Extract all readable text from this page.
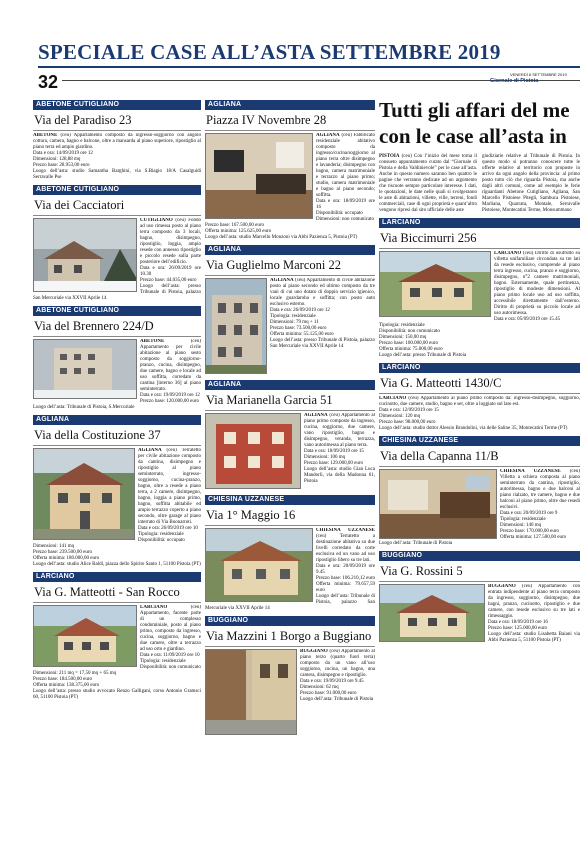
SPECIALE CASE ALL’ASTA SETTEMBRE 2019
32	VENERDÌ 6 SETTEMBRE 2019
Giornale di Pistoia
ABETONE CUTIGLIANO
Via del Paradiso 23
ABETONE (ceu) Appartamento composto da ingresso-soggiorno con angolo cottura, camera, bagno e balcone, oltre a mansarda al piano superiore, ripostiglio al piano terra ed ampio giardino.
Data e ora: 14/09/2019 ore 12
Dimensioni: 128,88 mq
Prezzo base: 28.953,00 euro
Luogo dell’asta: studio Samantha Barghini, via S.Biagio 18/A Casalguidi Serravalle Pse
ABETONE CUTIGLIANO
Via dei Cacciatori
CUTIGLIANO (ceu) Fondo ad uso rimessa posto al piano terra composto da 3 locali, bagno, disimpegno, ripostiglio, loggia, ampio resede con annesso ripostiglio e piccolo resede sulla parte posteriore dell’edificio.
Data e ora: 26/09/2019 ore 10.30
Prezzo base: 44.035,00 euro
Luogo dell’asta: presso Tribunale di Pistoia, palazzo San Mercuriale via XXVII Aprile 14
ABETONE CUTIGLIANO
Via del Brennero 224/D
ABETONE	(ceu) Appartamento per civile abitazione al piano sesto composto da soggiorno-pranzo, cucina, disimpegno, due camere, bagno e locale ad uso soffitta, corredato da cantina [interno 36] al piano seminterrato.
Data e ora: 19/09/2019 ore 12
Prezzo base: 120.000,00 euro
Luogo dell’asta: Tribunale di Pistoia, S.Mercuriale
AGLIANA
Via della Costituzione 37
AGLIANA (ceu) Terratetto per civile abitazione composto da cantina, disimpegno e ripostiglio al piano seminterrato, ingresso-soggiorno, cucina-pranzo, bagno, oltre a resede a piano terra, a 2 camere, disimpegno, bagno, loggia a piano primo, bagno, soffitta abitabile ed ampio terrazzo coperto a piano secondo, oltre garage al piano interrato di Via Buonarroti.
Data e ora: 26/09/2019 ore 10
Tipologia: residenziale
Disponibilità: occupato
Dimensioni: 141 mq
Prezzo base: 239.500,00 euro
Offerta minima: 180.000,00 euro
Luogo dell’asta: studio Alice Baldi, piazza dello Spirito Santo 1, 51100 Pistoia (PT)
LARCIANO
Via G. Matteotti - San Rocco
LARCIANO	(ceu) Appartamento, facente parte di un complesso condominiale, posto al piano primo, composto da ingresso, cucina, soggiorno, bagno e due camere, oltre a terrazzo ad uso orto e giardino.
Data e ora: 11/09/2019 ore 10
Tipologia: residenziale
Disponibilità: non comunicato
Dimensioni: 211 mq = 17,50 mq + 65 mq
Prezzo base: 184.500,00 euro
Offerta minima: 138.375,00 euro
Luogo dell’asta: presso studio avvocato Renzo Galligani, corso Antonio Gramsci 60, 51100 Pistoia (PT)
AGLIANA
Piazza IV Novembre 28
AGLIANA (ceu) Fabbricato residenziale abitativo composto da ingresso/cucina/soggiorno al piano terra oltre disimpegno e lavanderia; disimpegno con bagno, camera matrimoniale e terrazzo al piano primo; studio, camera matrimoniale e bagno al piano secondo; soffitta.
Data e ora: 18/09/2019 ore 16
Disponibilità: occupato
Dimensioni: non comunicato
Prezzo base: 167.500,00 euro
Offerta minima: 125.625,00 euro
Luogo dell’asta: studio Marcello Monzoni via Abbi Pazienza 5, Pistoia (PT)
AGLIANA
Via Guglielmo Marconi 22
AGLIANA (ceu) Appartamento di civile abitazione posto al piano secondo ed ultimo composto da tre vani di cui uno dotato di doppio servizio igienico, locale guardaroba e soffitta; con posto auto esclusivo esterno.
Data e ora: 26/09/2019 ore 12
Tipologia: residenziale
Dimensioni: 79 mq + 11
Prezzo base: 73.500,00 euro
Offerta minima: 55.125,00 euro
Luogo dell’asta: presso Tribunale di Pistoia, palazzo San Mercuriale via XXVII Aprile 14
AGLIANA
Via Marianella Garcia 51
AGLIANA (ceu) Appartamento al piano primo composto da ingresso, cucina, soggiorno, due camere, vano ripostiglio, bagno e disimpegno, veranda, terrazza, vano autorimessa al piano terra.
Data e ora: 18/09/2019 ore 15
Dimensioni: 106 mq
Prezzo base: 129.000,00 euro
Luogo dell’asta: studio Gian Luca Mandorli, via della Madonna 61, Pistoia
CHIESINA UZZANESE
Via 1° Maggio 16
CHIESINA UZZANESE (ceu) Terratetto a destinazione abitativa su due livelli corredato da corte esclusiva ed un vano ad uso ripostiglio libero su tre lati.
Data e ora: 20/09/2019 ore 9.45
Prezzo base: 106.210,12 euro
Offerta minima: 79.657,59 euro
Luogo dell’asta: Tribunale di Pistoia, palazzo San Mercuriale via XXVII Aprile 14
BUGGIANO
Via Mazzini 1 Borgo a Buggiano
BUGGIANO (ceu) Appartamento al piano terzo (quarto fuori terra) composto da un vano all’uso soggiorno, cucina, un bagno, una camera, disimpegno e ripostiglio.
Data e ora: 19/09/2019 ore 9.45
Dimensioni: 62 mq
Prezzo base: 91.000,00 euro
Luogo dell’asta: Tribunale di Pistoia
Tutti gli affari del me
con le case all’asta in
PISTOIA (ceu) Con l’inizio del mese torna il consueto appuntamento curato dal “Giornale di Pistoia e della Valdinievole” per le case all’asta. Anche in questo numero saranno ben quattro le pagine che verranno dedicate ad un argomento che riscuote sempre particolare interesse. I dati, le quotazioni, le date nelle quali si svolgeranno le aste di abitazioni, villette, ville, terreni, fondi commerciali, case di ogni proprietà e quant’altro vengono ripresi dal sito ufficiale delle aste
giudiziarie relative al Tribunale di Pistoia. In questo modo si potranno conoscere tutte le offerte relative al territorio con proposte in arrivo da ogni angolo della provincia: al primo posto tutto ciò che riguarda Pistoia, ma anche dagli altri comuni, come ad esempio le ferie riguardanti Abetone Cutigliano, Agliana, San Marcello Pistoiese Pitegli, Sambuca Pistoiese, Marliana, Quarrata, Montale, Serravalle Pistoiese, Montecatini Terme, Monsummano
LARCIANO
Via Biccimurri 256
LARCIANO (ceu) Diritto di usufrutto su villetta unifamiliare circondata su tre lati da resede esclusivo, comprende al piano terra ingresso, cucina, pranzo e soggiorno, disimpegno, n°2 camere matrimoniali, bagno. Esternamente, quale pertinenza, ripostiglio di modeste dimensioni. Al piano primo locale uso ad uso soffitta, accessibile direttamente dall’esterno. Diritto di proprietà su piccolo locale ad uso autorimessa.
Data e ora: 05/09/2019 ore 15.45
Tipologia: residenziale
Disponibilità: non comunicato
Dimensioni: 150,00 mq
Prezzo base: 100.000,00 euro
Offerta minima: 75.000,00 euro
Luogo dell’asta: presso Tribunale di Pistoia
LARCIANO
Via G. Matteotti 1430/C
LARCIANO (ceu) Appartamento al piano primo composto da: ingresso-disimpegno, soggiorno, cucinotto, due camere, studio, bagno e ser, oltre a loggiato sul lato est.
Data e ora: 12/09/2019 ore 15
Dimensioni: 120 mq
Prezzo base: 98.000,00 euro
Luogo dell’asta: studio dottor Alessio Brandolini, via delle Saline 35, Montecatini Terme (PT)
CHIESINA UZZANESE
Via della Capanna 11/B
CHIESINA UZZANESE (ceu) Villetta a schiera composta al piano seminterrato da cantina, ripostiglio, autorimessa, bagno e due balconi al piano rialzato, tre camere, bagno e due balconi al piano primo, oltre due resedi esclusivi.
Data e ora: 20/09/2019 ore 9
Tipologia: residenziale
Dimensioni: 140 mq
Prezzo base: 170.000,00 euro
Offerta minima: 127.500,00 euro
Luogo dell’asta: Tribunale di Pistoia
BUGGIANO
Via G. Rossini 5
BUGGIANO (ceu) Appartamento con entrata indipendente al piano terra composto da ingresso, soggiorno, disimpegno, due bagni, pranzo, cucinotto, ripostiglio e due camere, con resede esclusivo su tre lati e rimessaggio.
Data e ora: 18/09/2019 ore 16
Prezzo base: 125.000,00 euro
Luogo dell’asta: studio Lisabetta Baiani via Abbi Pazienza 5, 51100 Pistoia (PT)
